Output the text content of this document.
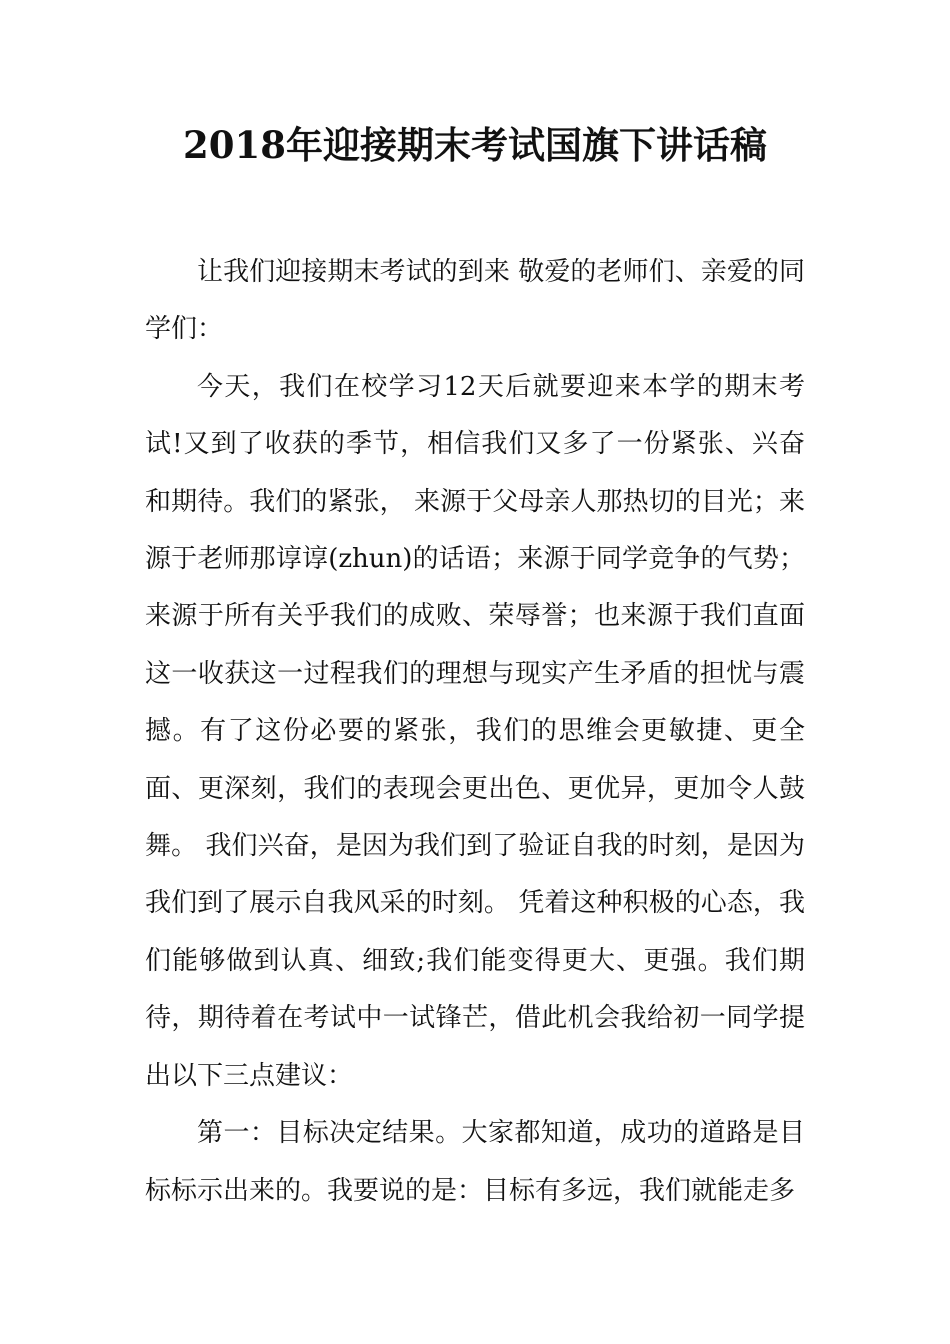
2018年迎接期末考试国旗下讲话稿

让我们迎接期末考试的到来 敬爱的老师们、亲爱的同学们：

今天，我们在校学习12天后就要迎来本学的期末考试!又到了收获的季节，相信我们又多了一份紧张、兴奋和期待。我们的紧张， 来源于父母亲人那热切的目光；来源于老师那谆谆(zhun)的话语；来源于同学竞争的气势；来源于所有关乎我们的成败、荣辱誉；也来源于我们直面这一收获这一过程我们的理想与现实产生矛盾的担忧与震撼。有了这份必要的紧张，我们的思维会更敏捷、更全面、更深刻，我们的表现会更出色、更优异，更加令人鼓舞。 我们兴奋，是因为我们到了验证自我的时刻，是因为我们到了展示自我风采的时刻。 凭着这种积极的心态，我们能够做到认真、细致;我们能变得更大、更强。我们期待，期待着在考试中一试锋芒，借此机会我给初一同学提出以下三点建议：

第一：目标决定结果。大家都知道，成功的道路是目标标示出来的。我要说的是：目标有多远，我们就能走多
